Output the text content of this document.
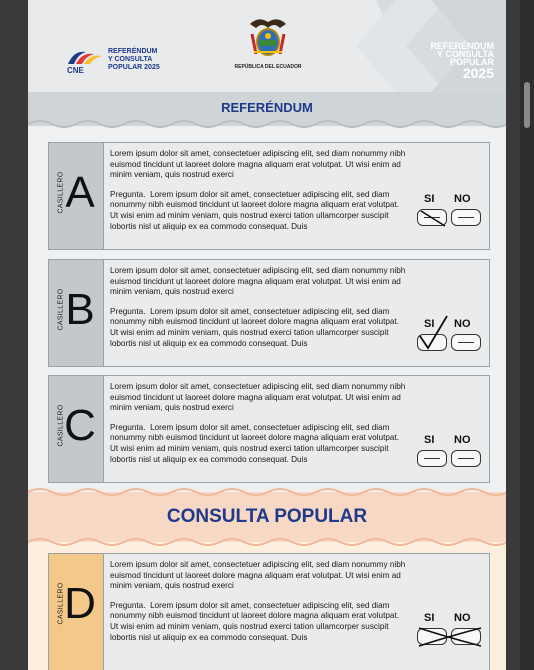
CNE
REFERÉNDUM
Y CONSULTA
POPULAR 2025	REPÚBLICA DEL ECUADOR
REFERÉNDUM
Y CONSULTA
POPULAR
2025
REFERÉNDUM
CASILLERO A

Lorem ipsum dolor sit amet, consectetuer adipiscing elit, sed diam nonummy nibh euismod tincidunt ut laoreet dolore magna aliquam erat volutpat. Ut wisi enim ad minim veniam, quis nostrud exerci

Pregunta. Lorem ipsum dolor sit amet, consectetuer adipiscing elit, sed diam nonummy nibh euismod tincidunt ut laoreet dolore magna aliquam erat volutpat. Ut wisi enim ad minim veniam, quis nostrud exerci tation ullamcorper suscipit lobortis nisl ut aliquip ex ea commodo consequat. Duis

SI NO
CASILLERO B

Lorem ipsum dolor sit amet, consectetuer adipiscing elit, sed diam nonummy nibh euismod tincidunt ut laoreet dolore magna aliquam erat volutpat. Ut wisi enim ad minim veniam, quis nostrud exerci

Pregunta. Lorem ipsum dolor sit amet, consectetuer adipiscing elit, sed diam nonummy nibh euismod tincidunt ut laoreet dolore magna aliquam erat volutpat. Ut wisi enim ad minim veniam, quis nostrud exerci tation ullamcorper suscipit lobortis nisl ut aliquip ex ea commodo consequat. Duis

SI NO
CASILLERO C

Lorem ipsum dolor sit amet, consectetuer adipiscing elit, sed diam nonummy nibh euismod tincidunt ut laoreet dolore magna aliquam erat volutpat. Ut wisi enim ad minim veniam, quis nostrud exerci

Pregunta. Lorem ipsum dolor sit amet, consectetuer adipiscing elit, sed diam nonummy nibh euismod tincidunt ut laoreet dolore magna aliquam erat volutpat. Ut wisi enim ad minim veniam, quis nostrud exerci tation ullamcorper suscipit lobortis nisl ut aliquip ex ea commodo consequat. Duis

SI NO
CONSULTA POPULAR
CASILLERO D

Lorem ipsum dolor sit amet, consectetuer adipiscing elit, sed diam nonummy nibh euismod tincidunt ut laoreet dolore magna aliquam erat volutpat. Ut wisi enim ad minim veniam, quis nostrud exerci

Pregunta. Lorem ipsum dolor sit amet, consectetuer adipiscing elit, sed diam nonummy nibh euismod tincidunt ut laoreet dolore magna aliquam erat volutpat. Ut wisi enim ad minim veniam, quis nostrud exerci tation ullamcorper suscipit lobortis nisl ut aliquip ex ea commodo consequat. Duis

SI NO
